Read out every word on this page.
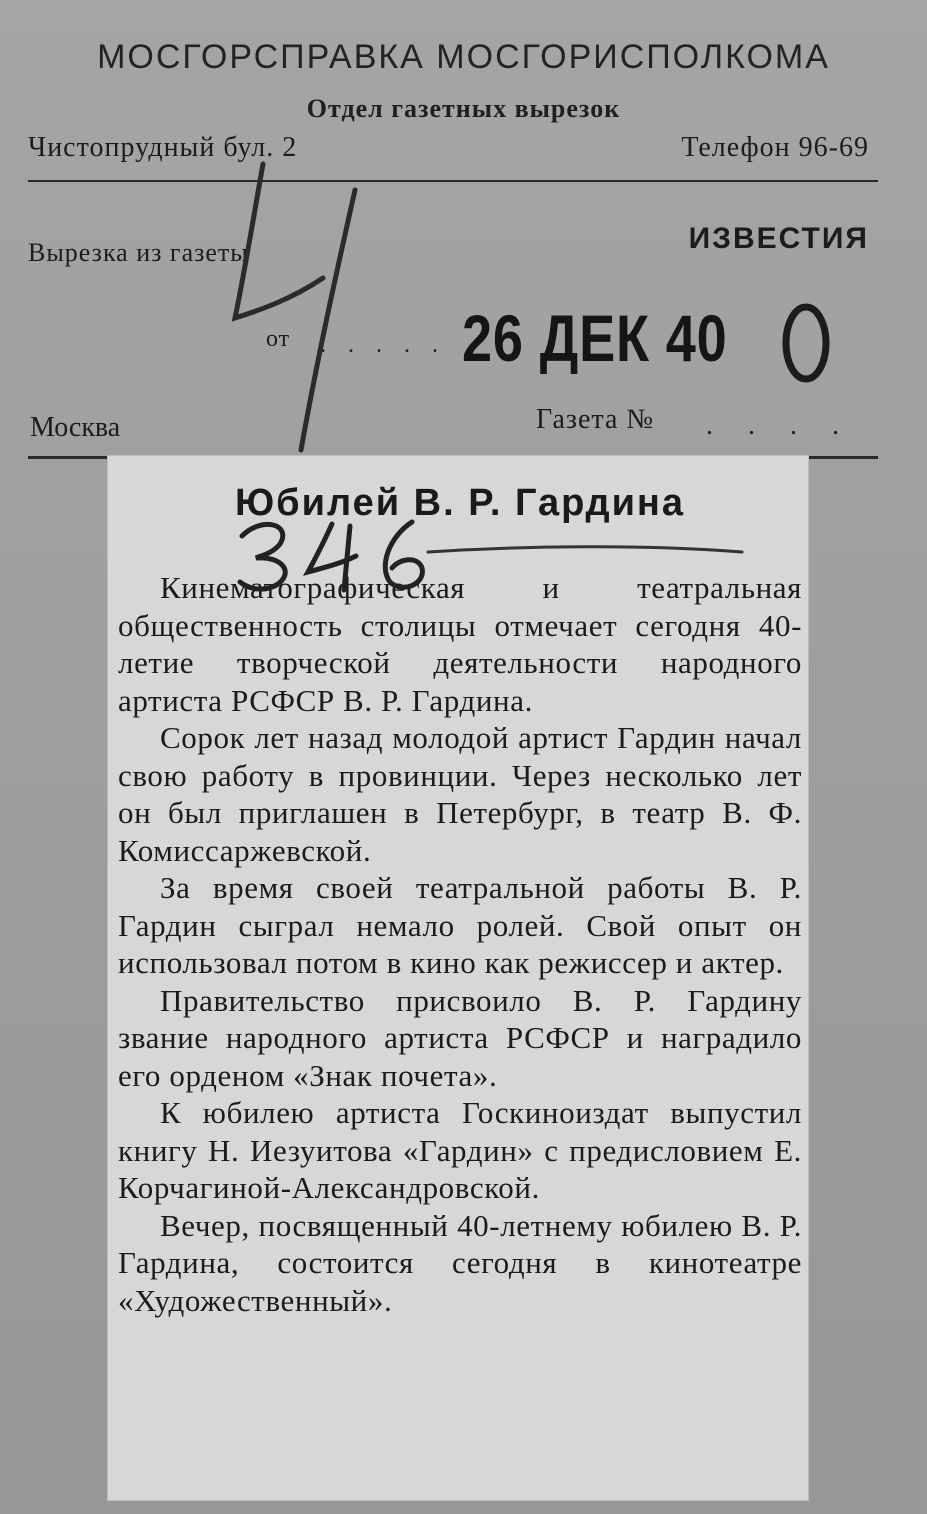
МОСГОРСПРАВКА МОСГОРИСПОЛКОМА
Отдел газетных вырезок
Чистопрудный бул. 2	Телефон 96-69
Вырезка из газеты	ИЗВЕСТИЯ
от . . . . . 26 ДЕК 40
Москва	Газета № . . . .
Юбилей В. Р. Гардина

Кинематографическая и театральная общественность столицы отмечает сегодня 40-летие творческой деятельности народного артиста РСФСР В. Р. Гардина.

Сорок лет назад молодой артист Гардин начал свою работу в провинции. Через несколько лет он был приглашен в Петербург, в театр В. Ф. Комиссаржевской.

За время своей театральной работы В. Р. Гардин сыграл немало ролей. Свой опыт он использовал потом в кино как режиссер и актер.

Правительство присвоило В. Р. Гардину звание народного артиста РСФСР и наградило его орденом «Знак почета».

К юбилею артиста Госкиноиздат выпустил книгу Н. Иезуитова «Гардин» с предисловием Е. Корчагиной-Александровской.

Вечер, посвященный 40-летнему юбилею В. Р. Гардина, состоится сегодня в кинотеатре «Художественный».
